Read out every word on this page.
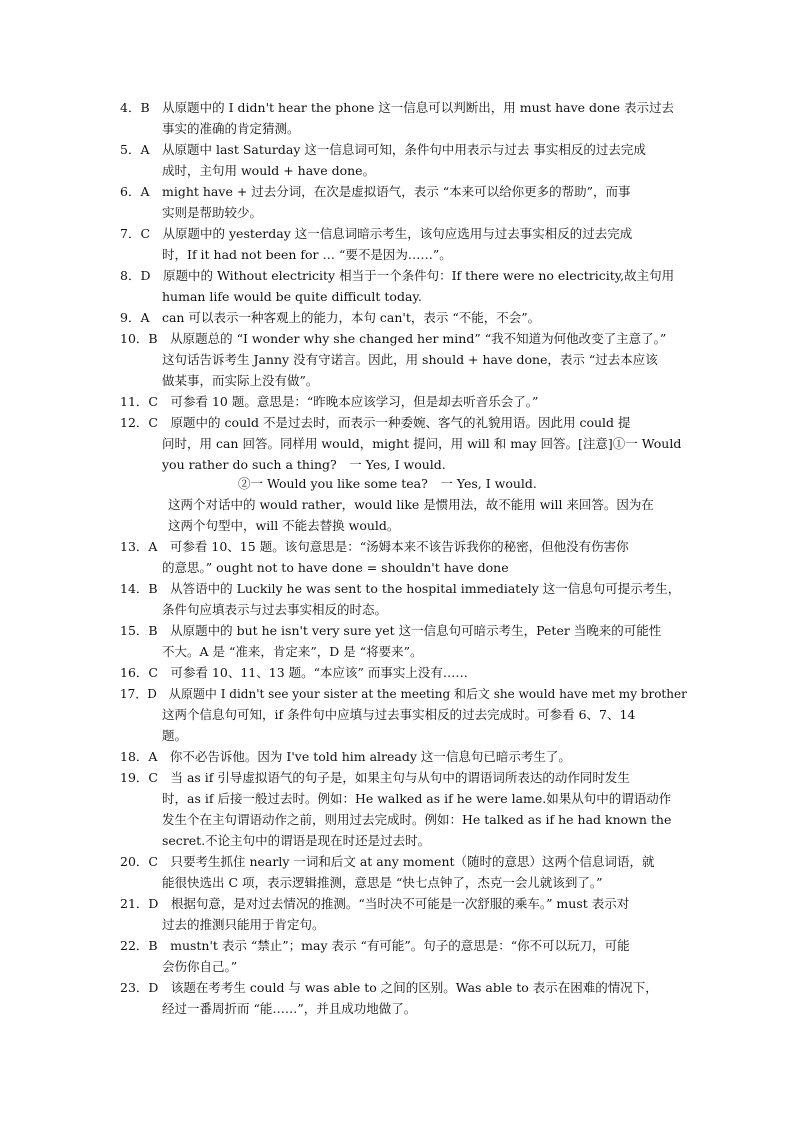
4．B　从原题中的 I didn't hear the phone 这一信息可以判断出，用 must have done 表示过去
事实的准确的肯定猜测。
5．A　从原题中 last Saturday 这一信息词可知，条件句中用表示与过去 事实相反的过去完成
成时，主句用 would + have done。
6．A　might have + 过去分词，在次是虚拟语气，表示 “本来可以给你更多的帮助”，而事
实则是帮助较少。
7．C　从原题中的 yesterday 这一信息词暗示考生，该句应选用与过去事实相反的过去完成
时，If it had not been for … “要不是因为……”。
8．D　原题中的 Without electricity 相当于一个条件句：If there were no electricity,故主句用
human life would be quite difficult today.
9．A　can 可以表示一种客观上的能力，本句 can't，表示 “不能，不会”。
10．B　从原题总的 “I wonder why she changed her mind” “我不知道为何他改变了主意了。”
这句话告诉考生 Janny 没有守诺言。因此，用 should + have done，表示 “过去本应该
做某事，而实际上没有做”。
11．C　可参看 10 题。意思是：“昨晚本应该学习，但是却去听音乐会了。”
12．C　原题中的 could 不是过去时，而表示一种委婉、客气的礼貌用语。因此用 could 提
问时，用 can 回答。同样用 would，might 提问，用 will 和 may 回答。[注意]①一 Would
you rather do such a thing?　一 Yes, I would.
②一 Would you like some tea?　一 Yes, I would.
这两个对话中的 would rather，would like 是惯用法，故不能用 will 来回答。因为在
这两个句型中，will 不能去替换 would。
13．A　可参看 10、15 题。该句意思是：“汤姆本来不该告诉我你的秘密，但他没有伤害你
的意思。” ought not to have done = shouldn't have done
14．B　从答语中的 Luckily he was sent to the hospital immediately 这一信息句可提示考生，
条件句应填表示与过去事实相反的时态。
15．B　从原题中的 but he isn't very sure yet 这一信息句可暗示考生，Peter 当晚来的可能性
不大。A 是 “准来，肯定来”，D 是 “将要来”。
16．C　可参看 10、11、13 题。“本应该” 而事实上没有……
17．D　从原题中 I didn't see your sister at the meeting 和后文 she would have met my brother
这两个信息句可知，if 条件句中应填与过去事实相反的过去完成时。可参看 6、7、14
题。
18．A　你不必告诉他。因为 I've told him already 这一信息句已暗示考生了。
19．C　当 as if 引导虚拟语气的句子是，如果主句与从句中的谓语词所表达的动作同时发生
时，as if 后接一般过去时。例如：He walked as if he were lame.如果从句中的谓语动作
发生个在主句谓语动作之前，则用过去完成时。例如：He talked as if he had known the
secret.不论主句中的谓语是现在时还是过去时。
20．C　只要考生抓住 nearly 一词和后文 at any moment（随时的意思）这两个信息词语，就
能很快选出 C 项，表示逻辑推测，意思是 “快七点钟了，杰克一会儿就该到了。”
21．D　根据句意，是对过去情况的推测。“当时决不可能是一次舒服的乘车。” must 表示对
过去的推测只能用于肯定句。
22．B　mustn't 表示 “禁止”；may 表示 “有可能”。句子的意思是：“你不可以玩刀，可能
会伤你自己。”
23．D　该题在考考生 could 与 was able to 之间的区别。Was able to 表示在困难的情况下，
经过一番周折而 “能……”，并且成功地做了。
